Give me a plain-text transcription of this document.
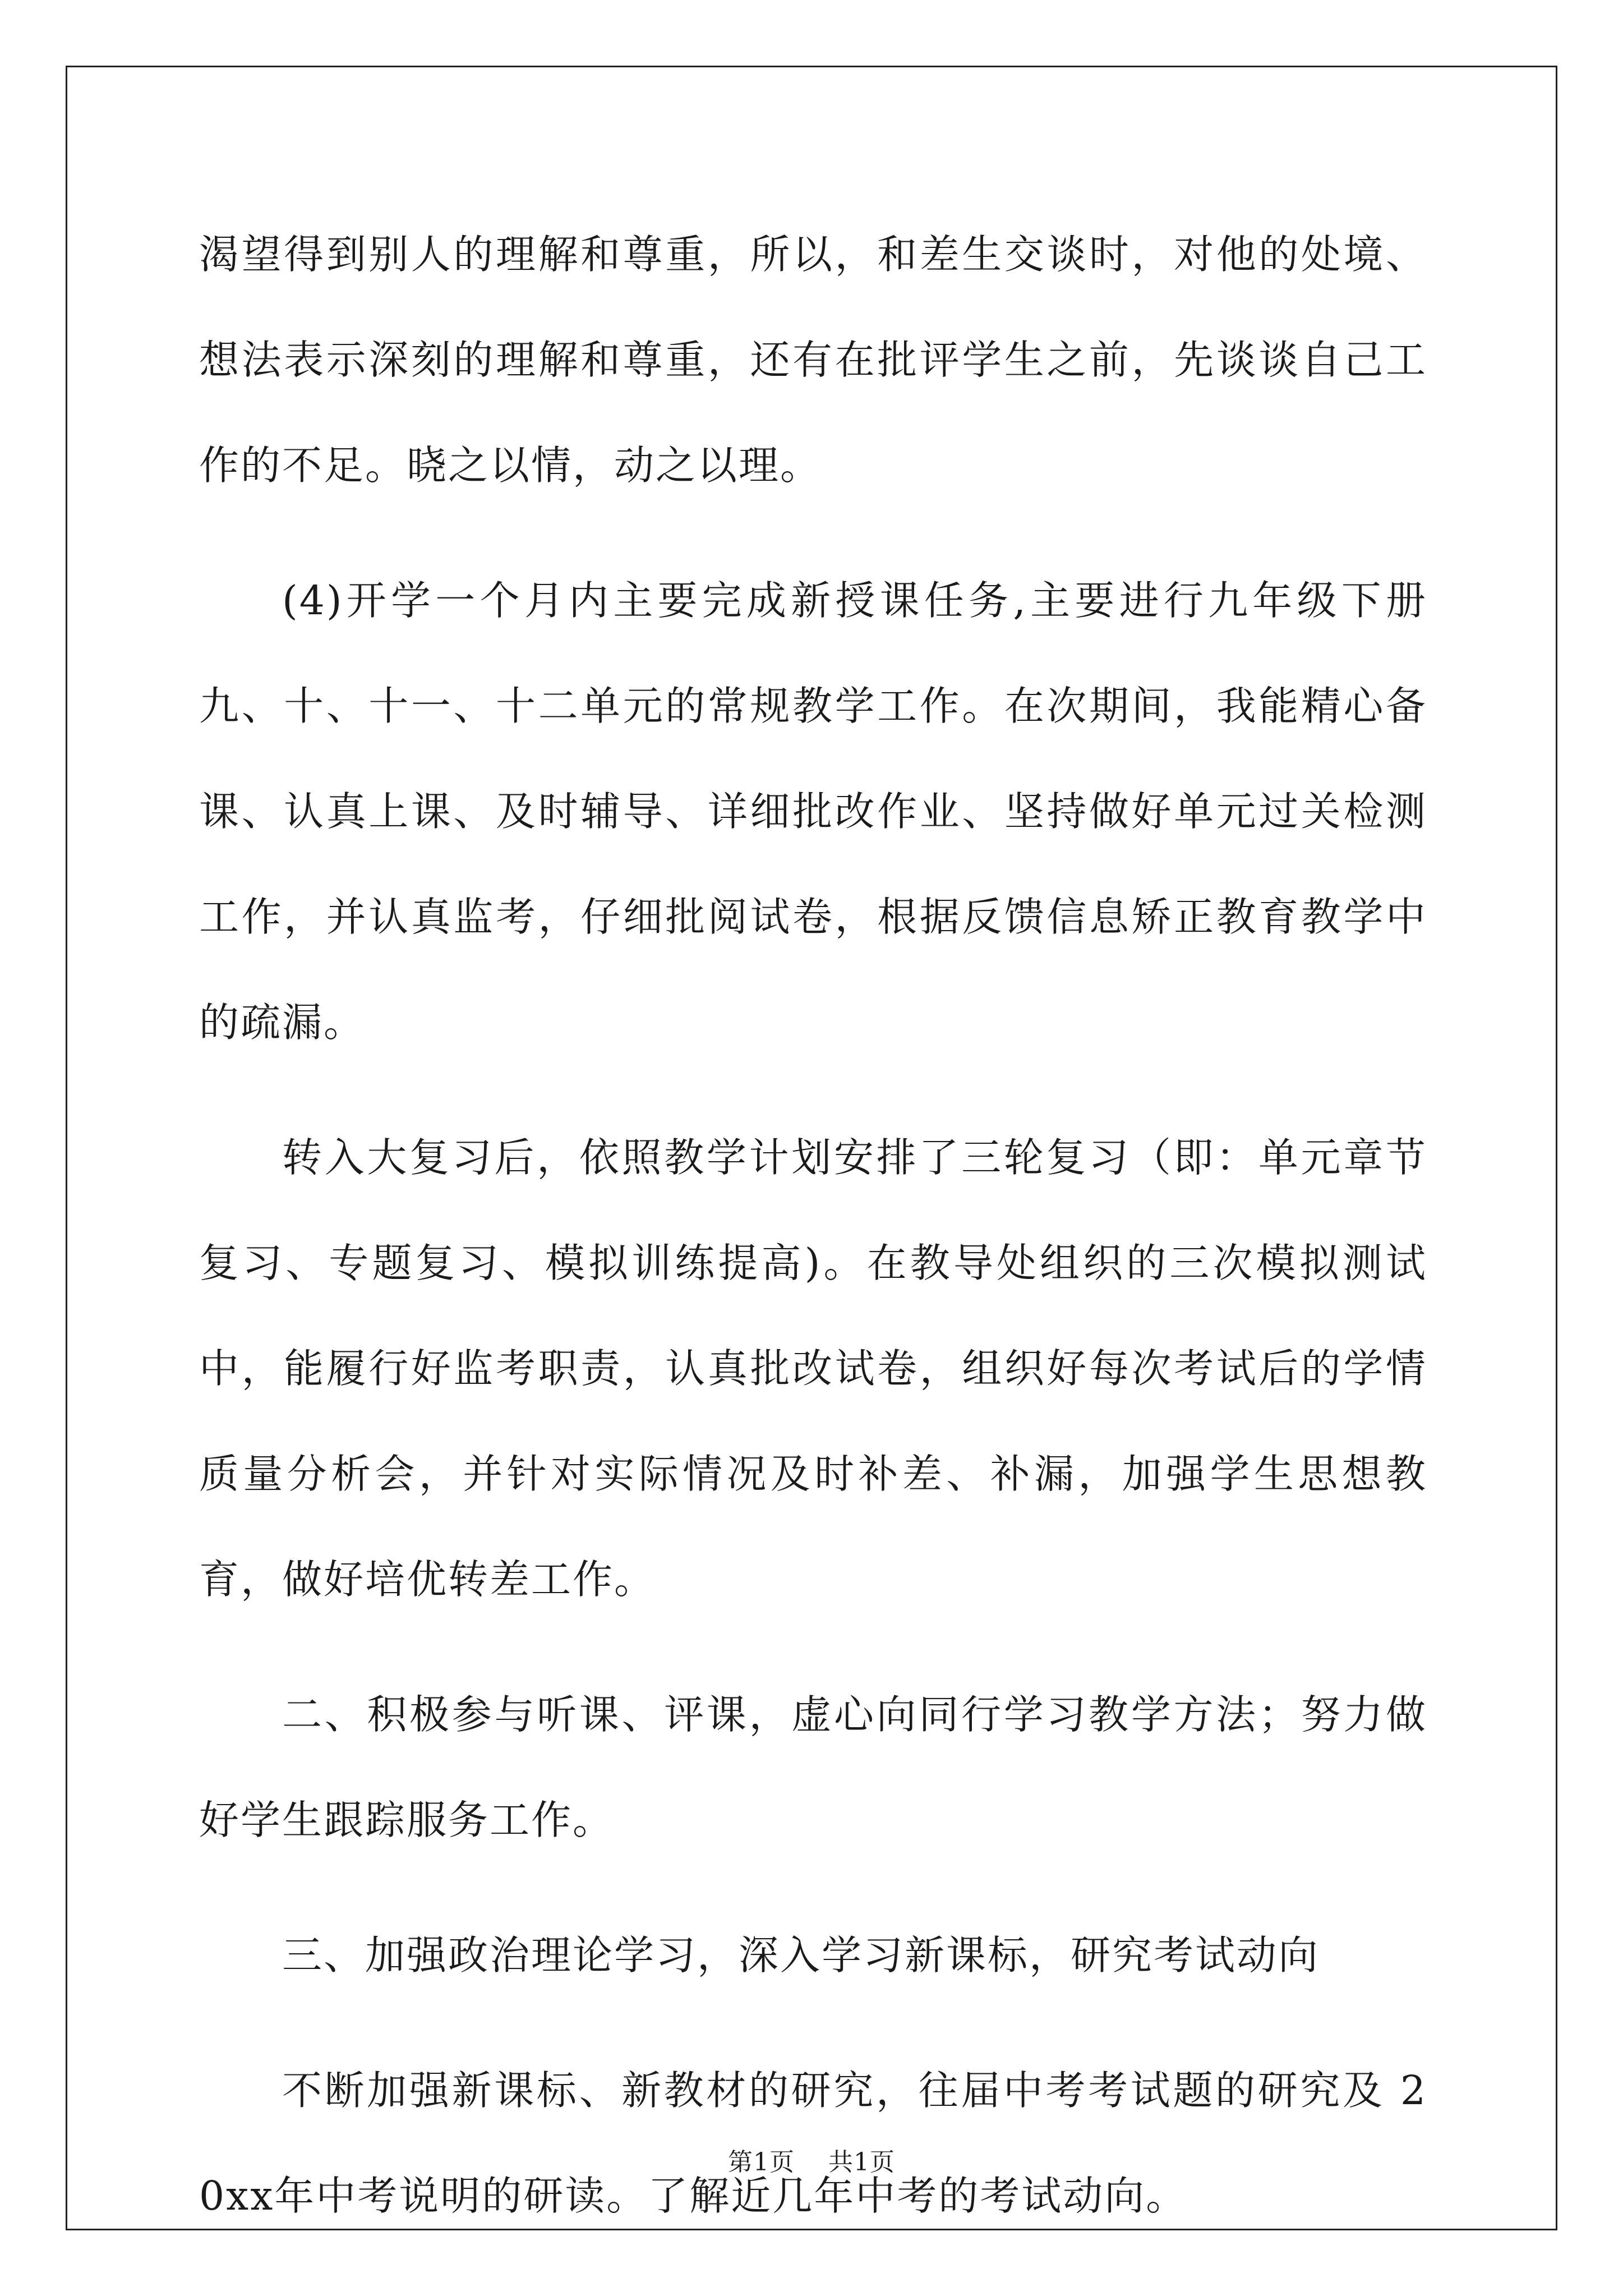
渴望得到别人的理解和尊重，所以，和差生交谈时，对他的处境、想法表示深刻的理解和尊重，还有在批评学生之前，先谈谈自己工作的不足。晓之以情，动之以理。

(4)开学一个月内主要完成新授课任务,主要进行九年级下册九、十、十一、十二单元的常规教学工作。在次期间，我能精心备课、认真上课、及时辅导、详细批改作业、坚持做好单元过关检测工作，并认真监考，仔细批阅试卷，根据反馈信息矫正教育教学中的疏漏。

转入大复习后，依照教学计划安排了三轮复习（即：单元章节复习、专题复习、模拟训练提高)。在教导处组织的三次模拟测试中，能履行好监考职责，认真批改试卷，组织好每次考试后的学情质量分析会，并针对实际情况及时补差、补漏，加强学生思想教育，做好培优转差工作。

二、积极参与听课、评课，虚心向同行学习教学方法；努力做好学生跟踪服务工作。

三、加强政治理论学习，深入学习新课标，研究考试动向

不断加强新课标、新教材的研究，往届中考考试题的研究及 20xx年中考说明的研读。了解近几年中考的考试动向。

第1页 共1页
